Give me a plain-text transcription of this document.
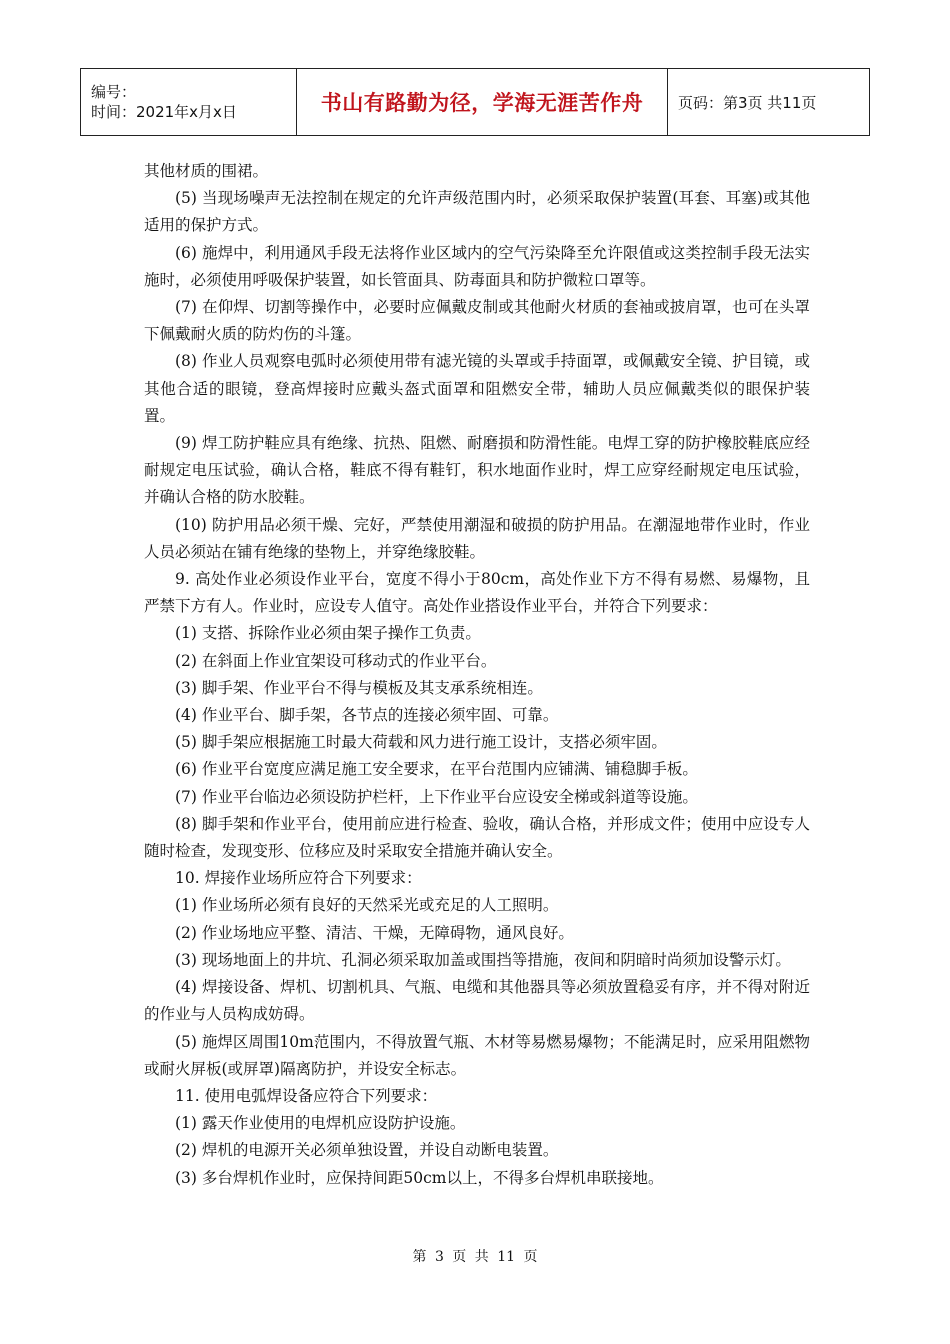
编号：
时间：2021年x月x日	书山有路勤为径，学海无涯苦作舟	页码：第3页 共11页

其他材质的围裙。

(5) 当现场噪声无法控制在规定的允许声级范围内时，必须采取保护装置(耳套、耳塞)或其他适用的保护方式。

(6) 施焊中，利用通风手段无法将作业区域内的空气污染降至允许限值或这类控制手段无法实施时，必须使用呼吸保护装置，如长管面具、防毒面具和防护微粒口罩等。

(7) 在仰焊、切割等操作中，必要时应佩戴皮制或其他耐火材质的套袖或披肩罩，也可在头罩下佩戴耐火质的防灼伤的斗篷。

(8) 作业人员观察电弧时必须使用带有滤光镜的头罩或手持面罩，或佩戴安全镜、护目镜，或其他合适的眼镜，登高焊接时应戴头盔式面罩和阻燃安全带，辅助人员应佩戴类似的眼保护装置。

(9) 焊工防护鞋应具有绝缘、抗热、阻燃、耐磨损和防滑性能。电焊工穿的防护橡胶鞋底应经耐规定电压试验，确认合格，鞋底不得有鞋钉，积水地面作业时，焊工应穿经耐规定电压试验，并确认合格的防水胶鞋。

(10) 防护用品必须干燥、完好，严禁使用潮湿和破损的防护用品。在潮湿地带作业时，作业人员必须站在铺有绝缘的垫物上，并穿绝缘胶鞋。

9. 高处作业必须设作业平台，宽度不得小于80cm，高处作业下方不得有易燃、易爆物，且严禁下方有人。作业时，应设专人值守。高处作业搭设作业平台，并符合下列要求：

(1) 支搭、拆除作业必须由架子操作工负责。

(2) 在斜面上作业宜架设可移动式的作业平台。

(3) 脚手架、作业平台不得与模板及其支承系统相连。

(4) 作业平台、脚手架，各节点的连接必须牢固、可靠。

(5) 脚手架应根据施工时最大荷载和风力进行施工设计，支搭必须牢固。

(6) 作业平台宽度应满足施工安全要求，在平台范围内应铺满、铺稳脚手板。

(7) 作业平台临边必须设防护栏杆，上下作业平台应设安全梯或斜道等设施。

(8) 脚手架和作业平台，使用前应进行检查、验收，确认合格，并形成文件；使用中应设专人随时检查，发现变形、位移应及时采取安全措施并确认安全。

10. 焊接作业场所应符合下列要求：

(1) 作业场所必须有良好的天然采光或充足的人工照明。

(2) 作业场地应平整、清洁、干燥，无障碍物，通风良好。

(3) 现场地面上的井坑、孔洞必须采取加盖或围挡等措施，夜间和阴暗时尚须加设警示灯。

(4) 焊接设备、焊机、切割机具、气瓶、电缆和其他器具等必须放置稳妥有序，并不得对附近的作业与人员构成妨碍。

(5) 施焊区周围10m范围内，不得放置气瓶、木材等易燃易爆物；不能满足时，应采用阻燃物或耐火屏板(或屏罩)隔离防护，并设安全标志。

11. 使用电弧焊设备应符合下列要求：

(1) 露天作业使用的电焊机应设防护设施。

(2) 焊机的电源开关必须单独设置，并设自动断电装置。

(3) 多台焊机作业时，应保持间距50cm以上，不得多台焊机串联接地。

第 3 页 共 11 页
